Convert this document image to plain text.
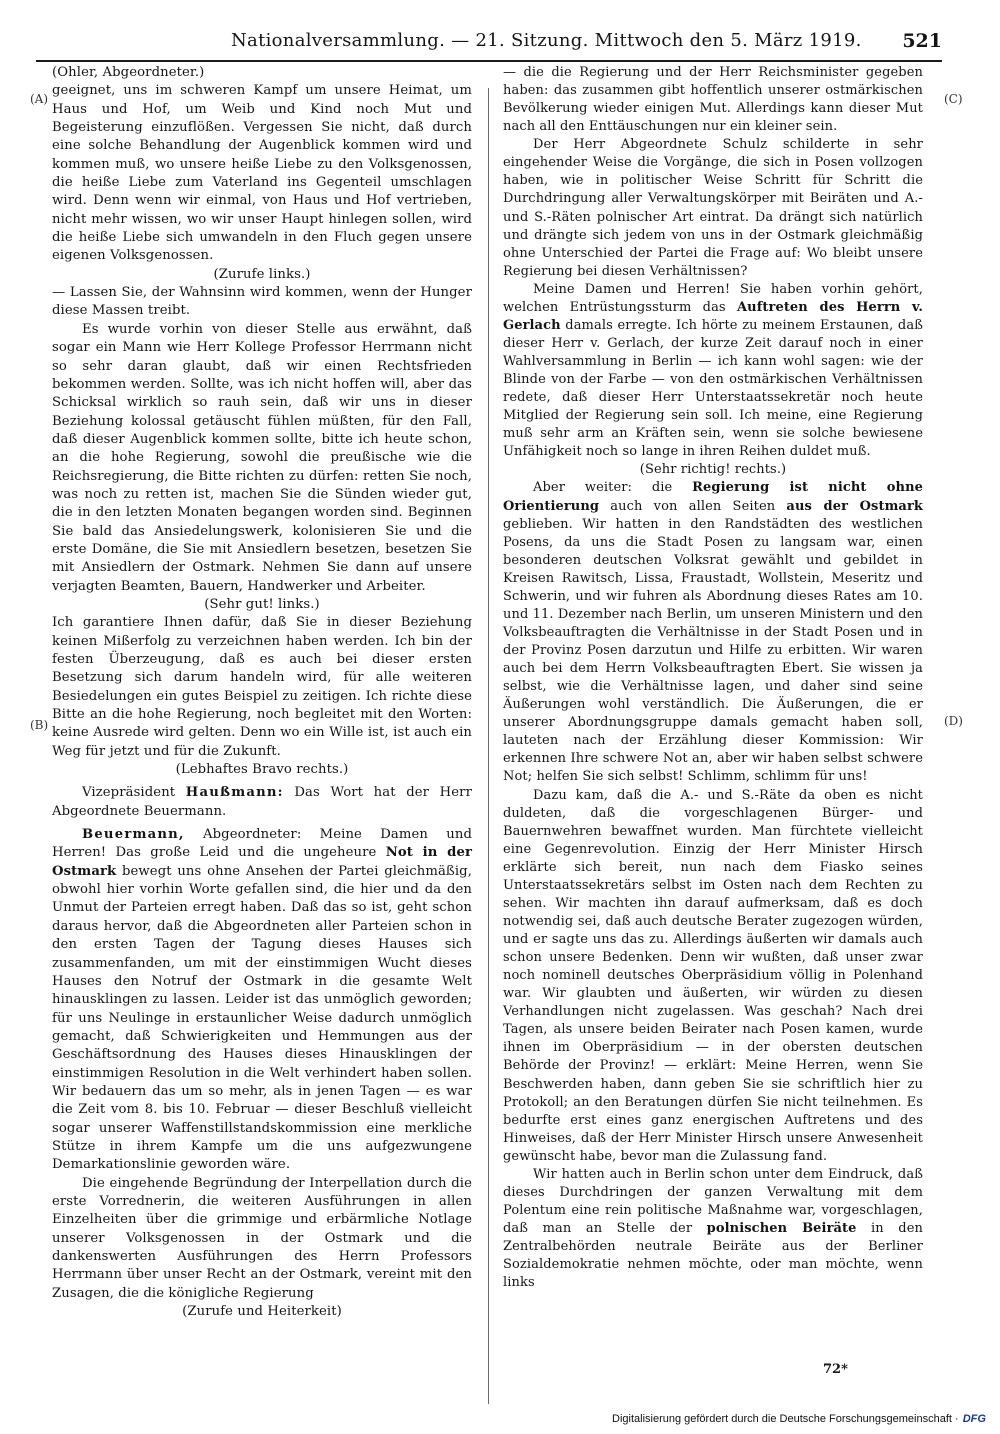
Nationalversammlung. — 21. Sitzung. Mittwoch den 5. März 1919. 521
(A)
(B)
(C)
(D)

(Ohler, Abgeordneter.)

geeignet, uns im schweren Kampf um unsere Heimat, um Haus und Hof, um Weib und Kind noch Mut und Begeisterung einzuflößen. Vergessen Sie nicht, daß durch eine solche Behandlung der Augenblick kommen wird und kommen muß, wo unsere heiße Liebe zu den Volksgenossen, die heiße Liebe zum Vaterland ins Gegenteil umschlagen wird. Denn wenn wir einmal, von Haus und Hof vertrieben, nicht mehr wissen, wo wir unser Haupt hinlegen sollen, wird die heiße Liebe sich umwandeln in den Fluch gegen unsere eigenen Volksgenossen.

(Zurufe links.)

— Lassen Sie, der Wahnsinn wird kommen, wenn der Hunger diese Massen treibt.

Es wurde vorhin von dieser Stelle aus erwähnt, daß sogar ein Mann wie Herr Kollege Professor Herrmann nicht so sehr daran glaubt, daß wir einen Rechtsfrieden bekommen werden. Sollte, was ich nicht hoffen will, aber das Schicksal wirklich so rauh sein, daß wir uns in dieser Beziehung kolossal getäuscht fühlen müßten, für den Fall, daß dieser Augenblick kommen sollte, bitte ich heute schon, an die hohe Regierung, sowohl die preußische wie die Reichsregierung, die Bitte richten zu dürfen: retten Sie noch, was noch zu retten ist, machen Sie die Sünden wieder gut, die in den letzten Monaten begangen worden sind. Beginnen Sie bald das Ansiedelungswerk, kolonisieren Sie und die erste Domäne, die Sie mit Ansiedlern besetzen, besetzen Sie mit Ansiedlern der Ostmark. Nehmen Sie dann auf unsere verjagten Beamten, Bauern, Handwerker und Arbeiter.

(Sehr gut! links.)

Ich garantiere Ihnen dafür, daß Sie in dieser Beziehung keinen Mißerfolg zu verzeichnen haben werden. Ich bin der festen Überzeugung, daß es auch bei dieser ersten Besetzung sich darum handeln wird, für alle weiteren Besiedelungen ein gutes Beispiel zu zeitigen. Ich richte diese Bitte an die hohe Regierung, noch begleitet mit den Worten: keine Ausrede wird gelten. Denn wo ein Wille ist, ist auch ein Weg für jetzt und für die Zukunft.

(Lebhaftes Bravo rechts.)

Vizepräsident Haußmann: Das Wort hat der Herr Abgeordnete Beuermann.

Beuermann, Abgeordneter: Meine Damen und Herren! Das große Leid und die ungeheure Not in der Ostmark bewegt uns ohne Ansehen der Partei gleichmäßig, obwohl hier vorhin Worte gefallen sind, die hier und da den Unmut der Parteien erregt haben. Daß das so ist, geht schon daraus hervor, daß die Abgeordneten aller Parteien schon in den ersten Tagen der Tagung dieses Hauses sich zusammenfanden, um mit der einstimmigen Wucht dieses Hauses den Notruf der Ostmark in die gesamte Welt hinausklingen zu lassen. Leider ist das unmöglich geworden; für uns Neulinge in erstaunlicher Weise dadurch unmöglich gemacht, daß Schwierigkeiten und Hemmungen aus der Geschäftsordnung des Hauses dieses Hinausklingen der einstimmigen Resolution in die Welt verhindert haben sollen. Wir bedauern das um so mehr, als in jenen Tagen — es war die Zeit vom 8. bis 10. Februar — dieser Beschluß vielleicht sogar unserer Waffenstillstandskommission eine merkliche Stütze in ihrem Kampfe um die uns aufgezwungene Demarkationslinie geworden wäre.

Die eingehende Begründung der Interpellation durch die erste Vorrednerin, die weiteren Ausführungen in allen Einzelheiten über die grimmige und erbärmliche Notlage unserer Volksgenossen in der Ostmark und die dankenswerten Ausführungen des Herrn Professors Herrmann über unser Recht an der Ostmark, vereint mit den Zusagen, die die königliche Regierung

(Zurufe und Heiterkeit)

— die die Regierung und der Herr Reichsminister gegeben haben: das zusammen gibt hoffentlich unserer ostmärkischen Bevölkerung wieder einigen Mut. Allerdings kann dieser Mut nach all den Enttäuschungen nur ein kleiner sein.

Der Herr Abgeordnete Schulz schilderte in sehr eingehender Weise die Vorgänge, die sich in Posen vollzogen haben, wie in politischer Weise Schritt für Schritt die Durchdringung aller Verwaltungskörper mit Beiräten und A.- und S.-Räten polnischer Art eintrat. Da drängt sich natürlich und drängte sich jedem von uns in der Ostmark gleichmäßig ohne Unterschied der Partei die Frage auf: Wo bleibt unsere Regierung bei diesen Verhältnissen?

Meine Damen und Herren! Sie haben vorhin gehört, welchen Entrüstungssturm das Auftreten des Herrn v. Gerlach damals erregte. Ich hörte zu meinem Erstaunen, daß dieser Herr v. Gerlach, der kurze Zeit darauf noch in einer Wahlversammlung in Berlin — ich kann wohl sagen: wie der Blinde von der Farbe — von den ostmärkischen Verhältnissen redete, daß dieser Herr Unterstaatssekretär noch heute Mitglied der Regierung sein soll. Ich meine, eine Regierung muß sehr arm an Kräften sein, wenn sie solche bewiesene Unfähigkeit noch so lange in ihren Reihen duldet muß.

(Sehr richtig! rechts.)

Aber weiter: die Regierung ist nicht ohne Orientierung auch von allen Seiten aus der Ostmark geblieben. Wir hatten in den Randstädten des westlichen Posens, da uns die Stadt Posen zu langsam war, einen besonderen deutschen Volksrat gewählt und gebildet in Kreisen Rawitsch, Lissa, Fraustadt, Wollstein, Meseritz und Schwerin, und wir fuhren als Abordnung dieses Rates am 10. und 11. Dezember nach Berlin, um unseren Ministern und den Volksbeauftragten die Verhältnisse in der Stadt Posen und in der Provinz Posen darzutun und Hilfe zu erbitten. Wir waren auch bei dem Herrn Volksbeauftragten Ebert. Sie wissen ja selbst, wie die Verhältnisse lagen, und daher sind seine Äußerungen wohl verständlich. Die Äußerungen, die er unserer Abordnungsgruppe damals gemacht haben soll, lauteten nach der Erzählung dieser Kommission: Wir erkennen Ihre schwere Not an, aber wir haben selbst schwere Not; helfen Sie sich selbst! Schlimm, schlimm für uns!

Dazu kam, daß die A.- und S.-Räte da oben es nicht duldeten, daß die vorgeschlagenen Bürger- und Bauernwehren bewaffnet wurden. Man fürchtete vielleicht eine Gegenrevolution. Einzig der Herr Minister Hirsch erklärte sich bereit, nun nach dem Fiasko seines Unterstaatssekretärs selbst im Osten nach dem Rechten zu sehen. Wir machten ihn darauf aufmerksam, daß es doch notwendig sei, daß auch deutsche Berater zugezogen würden, und er sagte uns das zu. Allerdings äußerten wir damals auch schon unsere Bedenken. Denn wir wußten, daß unser zwar noch nominell deutsches Oberpräsidium völlig in Polenhand war. Wir glaubten und äußerten, wir würden zu diesen Verhandlungen nicht zugelassen. Was geschah? Nach drei Tagen, als unsere beiden Beirater nach Posen kamen, wurde ihnen im Oberpräsidium — in der obersten deutschen Behörde der Provinz! — erklärt: Meine Herren, wenn Sie Beschwerden haben, dann geben Sie sie schriftlich hier zu Protokoll; an den Beratungen dürfen Sie nicht teilnehmen. Es bedurfte erst eines ganz energischen Auftretens und des Hinweises, daß der Herr Minister Hirsch unsere Anwesenheit gewünscht habe, bevor man die Zulassung fand.

Wir hatten auch in Berlin schon unter dem Eindruck, daß dieses Durchdringen der ganzen Verwaltung mit dem Polentum eine rein politische Maßnahme war, vorgeschlagen, daß man an Stelle der polnischen Beiräte in den Zentralbehörden neutrale Beiräte aus der Berliner Sozialdemokratie nehmen möchte, oder man möchte, wenn links

72*
Digitalisierung gefördert durch die Deutsche Forschungsgemeinschaft · DFG
